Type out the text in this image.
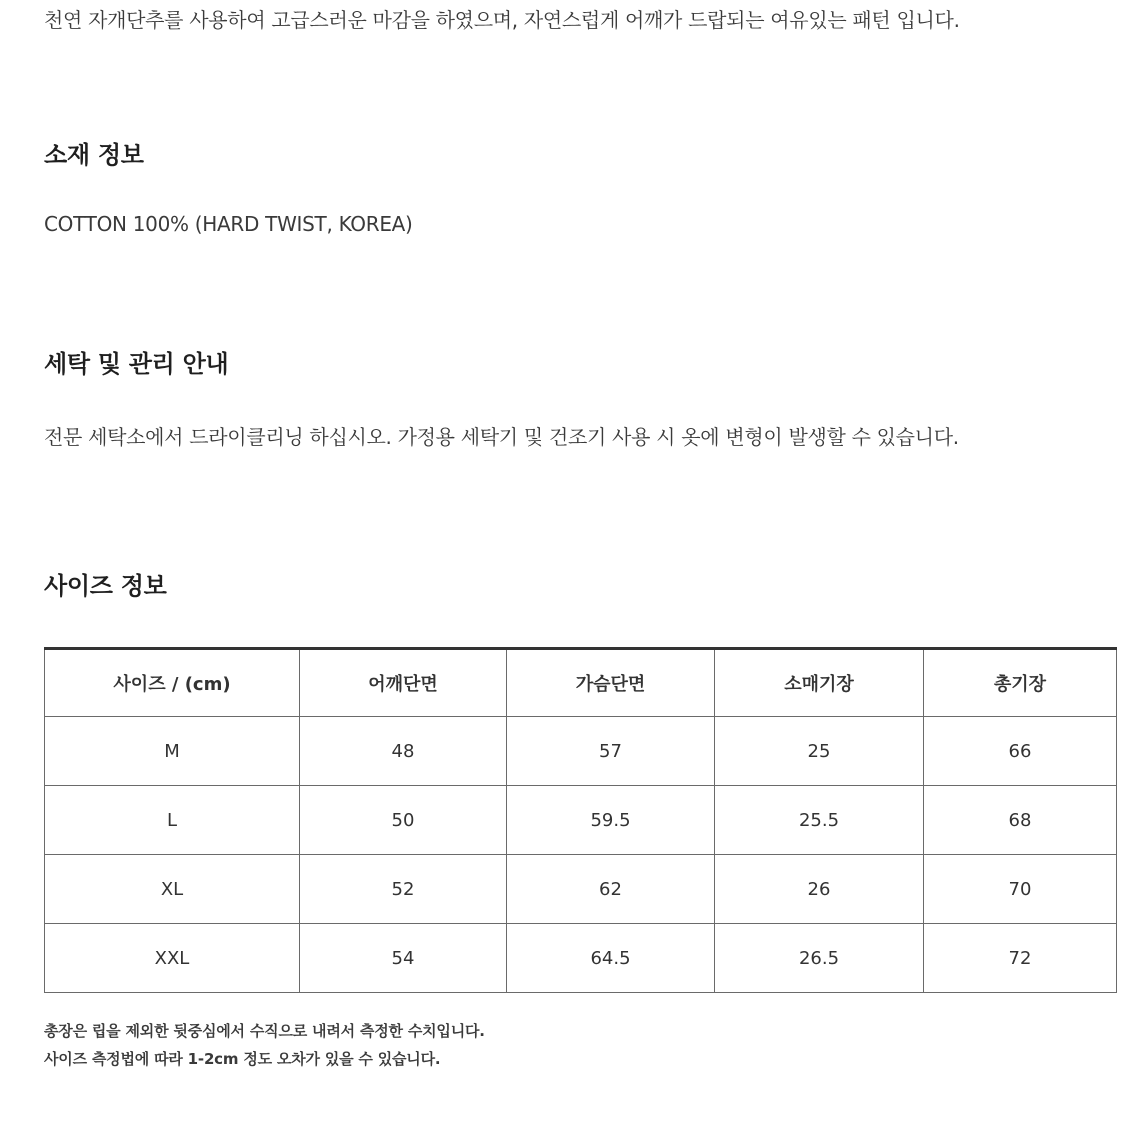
천연 자개단추를 사용하여 고급스러운 마감을 하였으며, 자연스럽게 어깨가 드랍되는 여유있는 패턴 입니다.

소재 정보

COTTON 100% (HARD TWIST, KOREA)

세탁 및 관리 안내

전문 세탁소에서 드라이클리닝 하십시오. 가정용 세탁기 및 건조기 사용 시 옷에 변형이 발생할 수 있습니다.

사이즈 정보
사이즈 / (cm)	어깨단면	가슴단면	소매기장	총기장
M	48	57	25	66
L	50	59.5	25.5	68
XL	52	62	26	70
XXL	54	64.5	26.5	72

총장은 립을 제외한 뒷중심에서 수직으로 내려서 측정한 수치입니다.

사이즈 측정법에 따라 1-2cm 정도 오차가 있을 수 있습니다.
